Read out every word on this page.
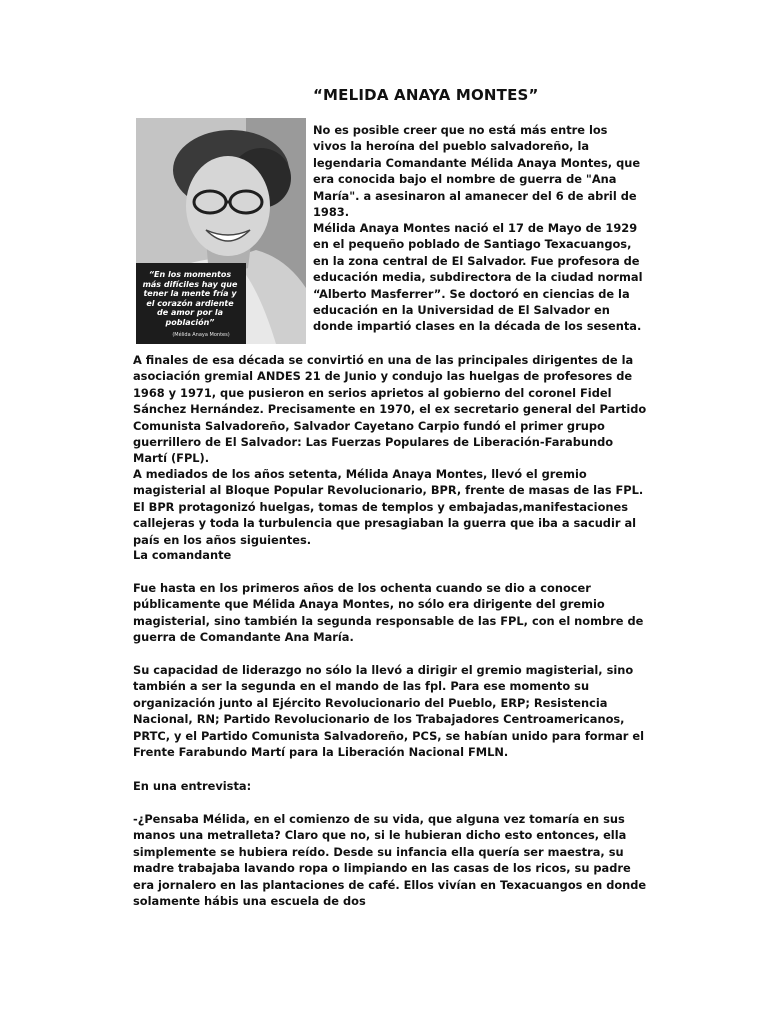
“MELIDA ANAYA MONTES”
“En los momentos más difíciles hay que tener la mente fría y el corazón ardiente de amor por la población”
(Mélida Anaya Montes)

No es posible creer que no está más entre los vivos la heroína del pueblo salvadoreño, la legendaria Comandante Mélida Anaya Montes, que era conocida bajo el nombre de guerra de "Ana María". a asesinaron al amanecer del 6 de abril de 1983.

Mélida Anaya Montes nació el 17 de Mayo de 1929 en el pequeño poblado de Santiago Texacuangos, en la zona central de El Salvador. Fue profesora de educación media, subdirectora de la ciudad normal “Alberto Masferrer”. Se doctoró en ciencias de la educación en la Universidad de El Salvador en donde impartió clases en la década de los sesenta.

A finales de esa década se convirtió en una de las principales dirigentes de la asociación gremial ANDES 21 de Junio y condujo las huelgas de profesores de 1968 y 1971, que pusieron en serios aprietos al gobierno del coronel Fidel Sánchez Hernández. Precisamente en 1970, el ex secretario general del Partido Comunista Salvadoreño, Salvador Cayetano Carpio fundó el primer grupo guerrillero de El Salvador: Las Fuerzas Populares de Liberación-Farabundo Martí (FPL).

A mediados de los años setenta, Mélida Anaya Montes, llevó el gremio magisterial al Bloque Popular Revolucionario, BPR, frente de masas de las FPL. El BPR protagonizó huelgas, tomas de templos y embajadas,manifestaciones callejeras y toda la turbulencia que presagiaban la guerra que iba a sacudir al país en los años siguientes.

La comandante

Fue hasta en los primeros años de los ochenta cuando se dio a conocer públicamente que Mélida Anaya Montes, no sólo era dirigente del gremio magisterial, sino también la segunda responsable de las FPL, con el nombre de guerra de Comandante Ana María.

Su capacidad de liderazgo no sólo la llevó a dirigir el gremio magisterial, sino también a ser la segunda en el mando de las fpl. Para ese momento su organización junto al Ejército Revolucionario del Pueblo, ERP; Resistencia Nacional, RN; Partido Revolucionario de los Trabajadores Centroamericanos, PRTC, y el Partido Comunista Salvadoreño, PCS, se habían unido para formar el Frente Farabundo Martí para la Liberación Nacional FMLN.

En una entrevista:

-¿Pensaba Mélida, en el comienzo de su vida, que alguna vez tomaría en sus manos una metralleta? Claro que no, si le hubieran dicho esto entonces, ella simplemente se hubiera reído. Desde su infancia ella quería ser maestra, su madre trabajaba lavando ropa o limpiando en las casas de los ricos, su padre era jornalero en las plantaciones de café. Ellos vivían en Texacuangos en donde solamente hábis una escuela de dos
